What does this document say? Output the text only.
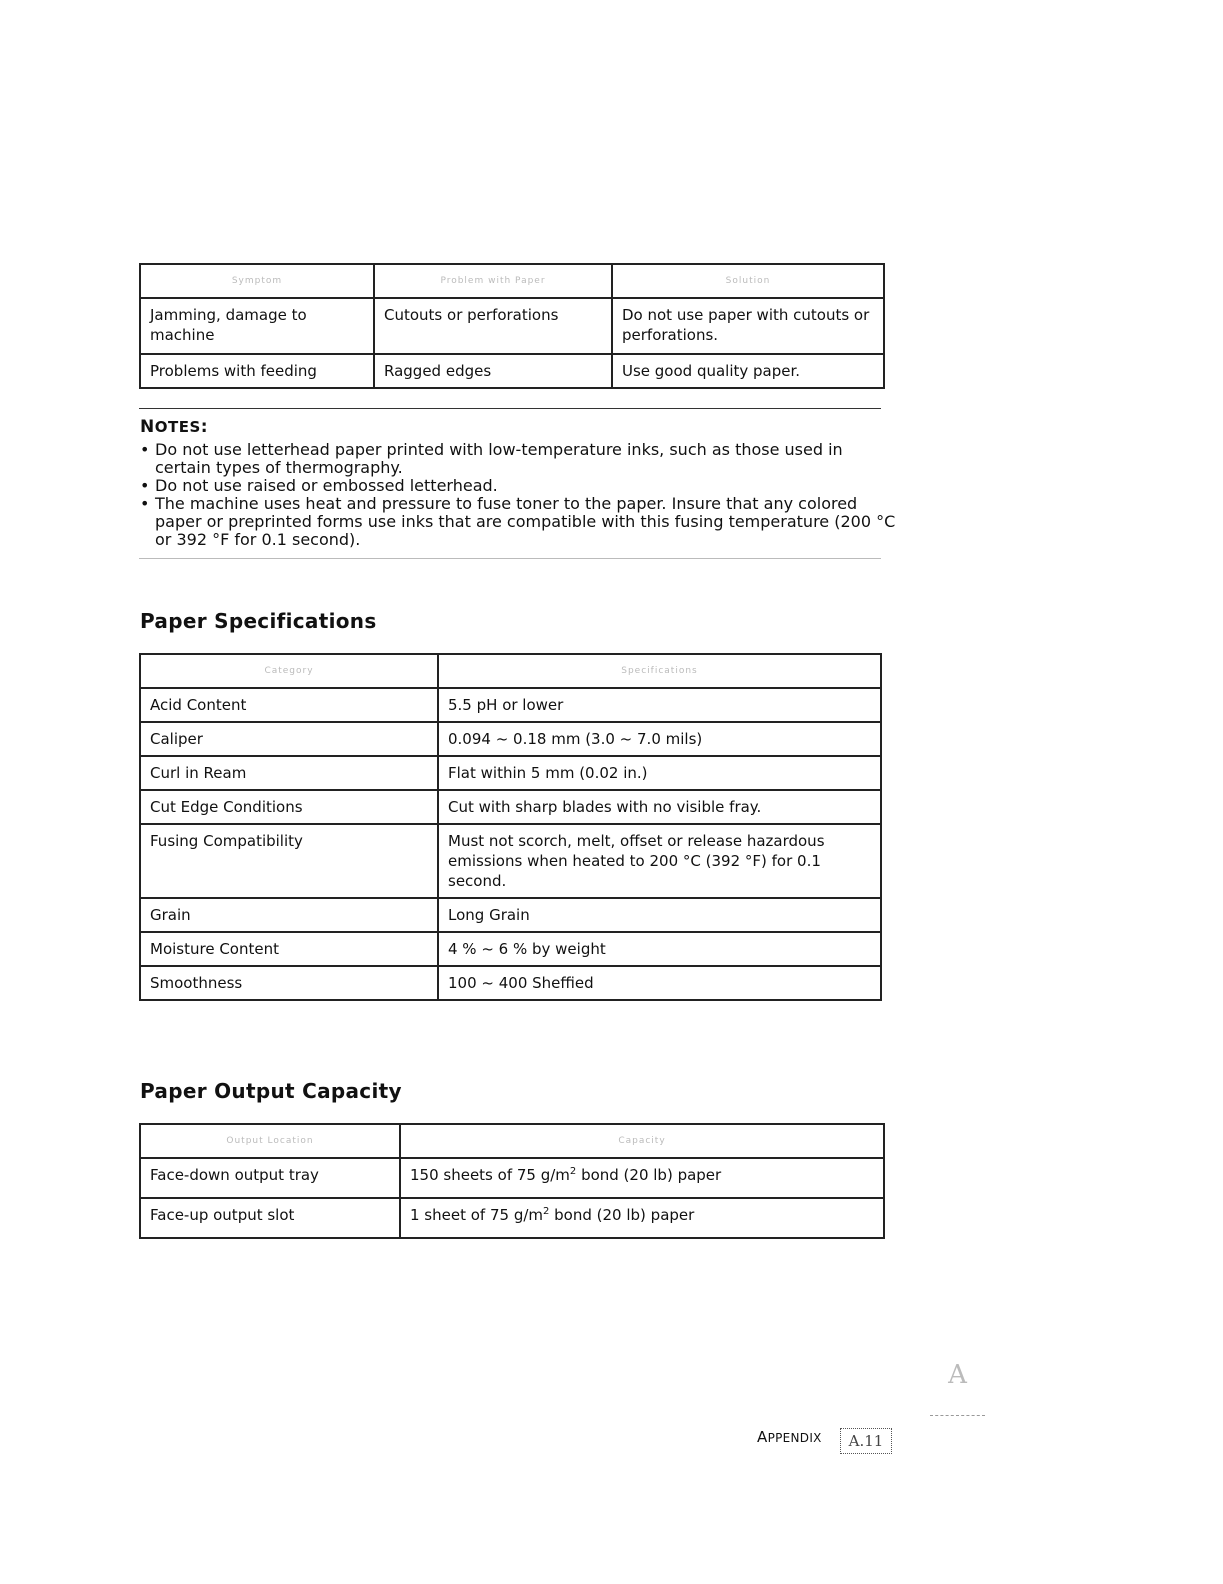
Symptom	Problem with Paper	Solution
Jamming, damage to machine	Cutouts or perforations	Do not use paper with cutouts or perforations.
Problems with feeding	Ragged edges	Use good quality paper.
NOTES:
• Do not use letterhead paper printed with low-temperature inks, such as those used in certain types of thermography.
• Do not use raised or embossed letterhead.
• The machine uses heat and pressure to fuse toner to the paper. Insure that any colored paper or preprinted forms use inks that are compatible with this fusing temperature (200 °C or 392 °F for 0.1 second).
Paper Specifications
Category	Specifications
Acid Content	5.5 pH or lower
Caliper	0.094 ~ 0.18 mm (3.0 ~ 7.0 mils)
Curl in Ream	Flat within 5 mm (0.02 in.)
Cut Edge Conditions	Cut with sharp blades with no visible fray.
Fusing Compatibility	Must not scorch, melt, offset or release hazardous emissions when heated to 200 °C (392 °F) for 0.1 second.
Grain	Long Grain
Moisture Content	4 % ~ 6 % by weight
Smoothness	100 ~ 400 Sheffied
Paper Output Capacity
Output Location	Capacity
Face-down output tray	150 sheets of 75 $g/m^2$ bond (20 lb) paper
Face-up output slot	1 sheet of 75 $g/m^2$ bond (20 lb) paper
A
APPENDIX	A.11
